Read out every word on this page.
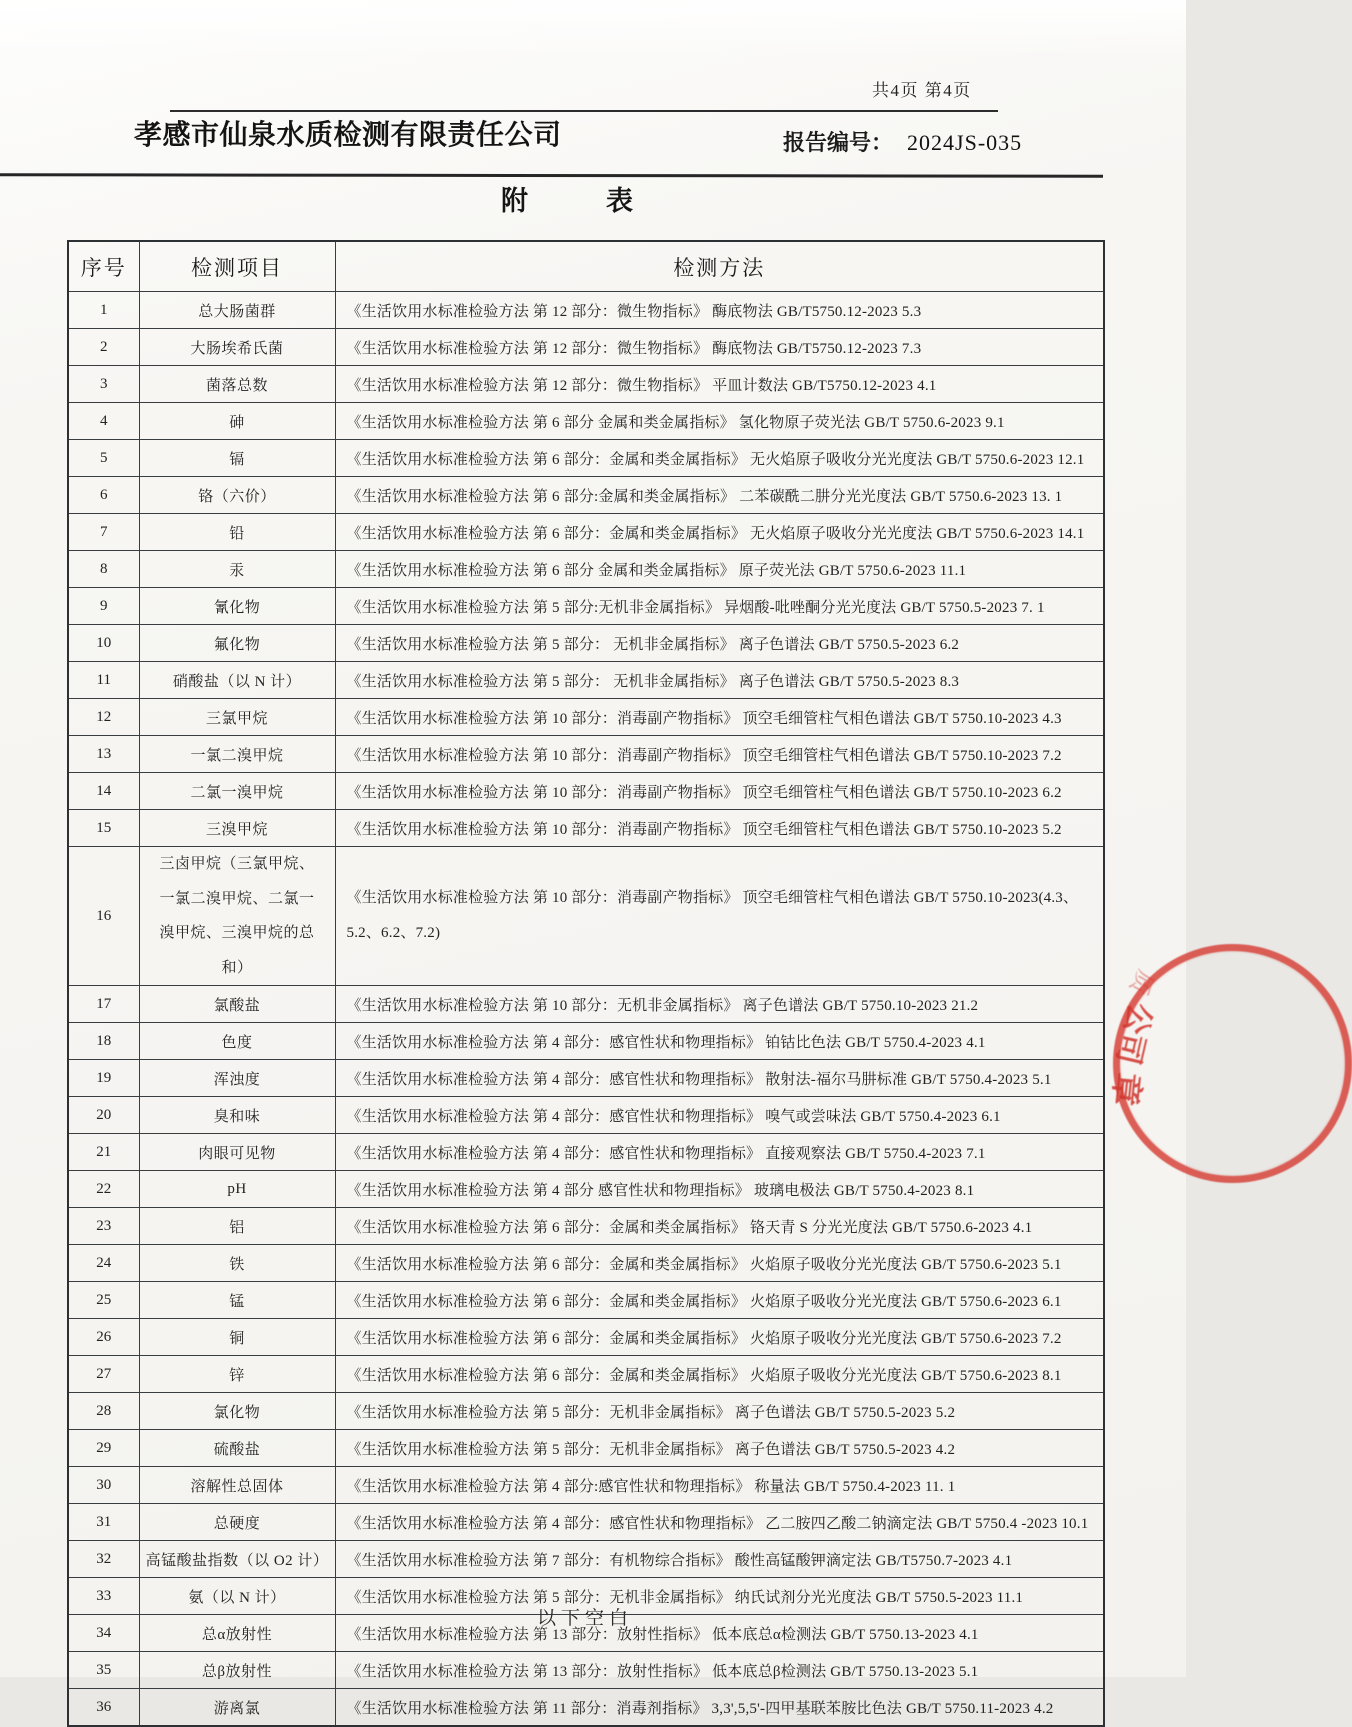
共4页 第4页
孝感市仙泉水质检测有限责任公司	报告编号： 2024JS-035
附	表
序号	检测项目	检测方法
1	总大肠菌群	《生活饮用水标准检验方法 第 12 部分：微生物指标》 酶底物法 GB/T5750.12-2023 5.3
2	大肠埃希氏菌	《生活饮用水标准检验方法 第 12 部分：微生物指标》 酶底物法 GB/T5750.12-2023 7.3
3	菌落总数	《生活饮用水标准检验方法 第 12 部分：微生物指标》 平皿计数法 GB/T5750.12-2023 4.1
4	砷	《生活饮用水标准检验方法 第 6 部分 金属和类金属指标》 氢化物原子荧光法 GB/T 5750.6-2023 9.1
5	镉	《生活饮用水标准检验方法 第 6 部分：金属和类金属指标》 无火焰原子吸收分光光度法 GB/T 5750.6-2023 12.1
6	铬（六价）	《生活饮用水标准检验方法 第 6 部分:金属和类金属指标》 二苯碳酰二肼分光光度法 GB/T 5750.6-2023 13. 1
7	铅	《生活饮用水标准检验方法 第 6 部分：金属和类金属指标》 无火焰原子吸收分光光度法 GB/T 5750.6-2023 14.1
8	汞	《生活饮用水标准检验方法 第 6 部分 金属和类金属指标》 原子荧光法 GB/T 5750.6-2023 11.1
9	氰化物	《生活饮用水标准检验方法 第 5 部分:无机非金属指标》 异烟酸-吡唑酮分光光度法 GB/T 5750.5-2023 7. 1
10	氟化物	《生活饮用水标准检验方法 第 5 部分： 无机非金属指标》 离子色谱法 GB/T 5750.5-2023 6.2
11	硝酸盐（以 N 计）	《生活饮用水标准检验方法 第 5 部分： 无机非金属指标》 离子色谱法 GB/T 5750.5-2023 8.3
12	三氯甲烷	《生活饮用水标准检验方法 第 10 部分：消毒副产物指标》 顶空毛细管柱气相色谱法 GB/T 5750.10-2023 4.3
13	一氯二溴甲烷	《生活饮用水标准检验方法 第 10 部分：消毒副产物指标》 顶空毛细管柱气相色谱法 GB/T 5750.10-2023 7.2
14	二氯一溴甲烷	《生活饮用水标准检验方法 第 10 部分：消毒副产物指标》 顶空毛细管柱气相色谱法 GB/T 5750.10-2023 6.2
15	三溴甲烷	《生活饮用水标准检验方法 第 10 部分：消毒副产物指标》 顶空毛细管柱气相色谱法 GB/T 5750.10-2023 5.2
16	三卤甲烷（三氯甲烷、一氯二溴甲烷、二氯一溴甲烷、三溴甲烷的总和）	《生活饮用水标准检验方法 第 10 部分：消毒副产物指标》 顶空毛细管柱气相色谱法 GB/T 5750.10-2023(4.3、5.2、6.2、7.2)
17	氯酸盐	《生活饮用水标准检验方法 第 10 部分：无机非金属指标》 离子色谱法 GB/T 5750.10-2023 21.2
18	色度	《生活饮用水标准检验方法 第 4 部分：感官性状和物理指标》 铂钴比色法 GB/T 5750.4-2023 4.1
19	浑浊度	《生活饮用水标准检验方法 第 4 部分：感官性状和物理指标》 散射法-福尔马肼标准 GB/T 5750.4-2023 5.1
20	臭和味	《生活饮用水标准检验方法 第 4 部分：感官性状和物理指标》 嗅气或尝味法 GB/T 5750.4-2023 6.1
21	肉眼可见物	《生活饮用水标准检验方法 第 4 部分：感官性状和物理指标》 直接观察法 GB/T 5750.4-2023 7.1
22	pH	《生活饮用水标准检验方法 第 4 部分 感官性状和物理指标》 玻璃电极法 GB/T 5750.4-2023 8.1
23	铝	《生活饮用水标准检验方法 第 6 部分：金属和类金属指标》 铬天青 S 分光光度法 GB/T 5750.6-2023 4.1
24	铁	《生活饮用水标准检验方法 第 6 部分：金属和类金属指标》 火焰原子吸收分光光度法 GB/T 5750.6-2023 5.1
25	锰	《生活饮用水标准检验方法 第 6 部分：金属和类金属指标》 火焰原子吸收分光光度法 GB/T 5750.6-2023 6.1
26	铜	《生活饮用水标准检验方法 第 6 部分：金属和类金属指标》 火焰原子吸收分光光度法 GB/T 5750.6-2023 7.2
27	锌	《生活饮用水标准检验方法 第 6 部分：金属和类金属指标》 火焰原子吸收分光光度法 GB/T 5750.6-2023 8.1
28	氯化物	《生活饮用水标准检验方法 第 5 部分：无机非金属指标》 离子色谱法 GB/T 5750.5-2023 5.2
29	硫酸盐	《生活饮用水标准检验方法 第 5 部分：无机非金属指标》 离子色谱法 GB/T 5750.5-2023 4.2
30	溶解性总固体	《生活饮用水标准检验方法 第 4 部分:感官性状和物理指标》 称量法 GB/T 5750.4-2023 11. 1
31	总硬度	《生活饮用水标准检验方法 第 4 部分：感官性状和物理指标》 乙二胺四乙酸二钠滴定法 GB/T 5750.4 -2023 10.1
32	高锰酸盐指数（以 O2 计）	《生活饮用水标准检验方法 第 7 部分：有机物综合指标》 酸性高锰酸钾滴定法 GB/T5750.7-2023 4.1
33	氨（以 N 计）	《生活饮用水标准检验方法 第 5 部分：无机非金属指标》 纳氏试剂分光光度法 GB/T 5750.5-2023 11.1
34	总α放射性	《生活饮用水标准检验方法 第 13 部分：放射性指标》 低本底总α检测法 GB/T 5750.13-2023 4.1
35	总β放射性	《生活饮用水标准检验方法 第 13 部分：放射性指标》 低本底总β检测法 GB/T 5750.13-2023 5.1
36	游离氯	《生活饮用水标准检验方法 第 11 部分：消毒剂指标》 3,3',5,5'-四甲基联苯胺比色法 GB/T 5750.11-2023 4.2
以下空白
质
公司
章
